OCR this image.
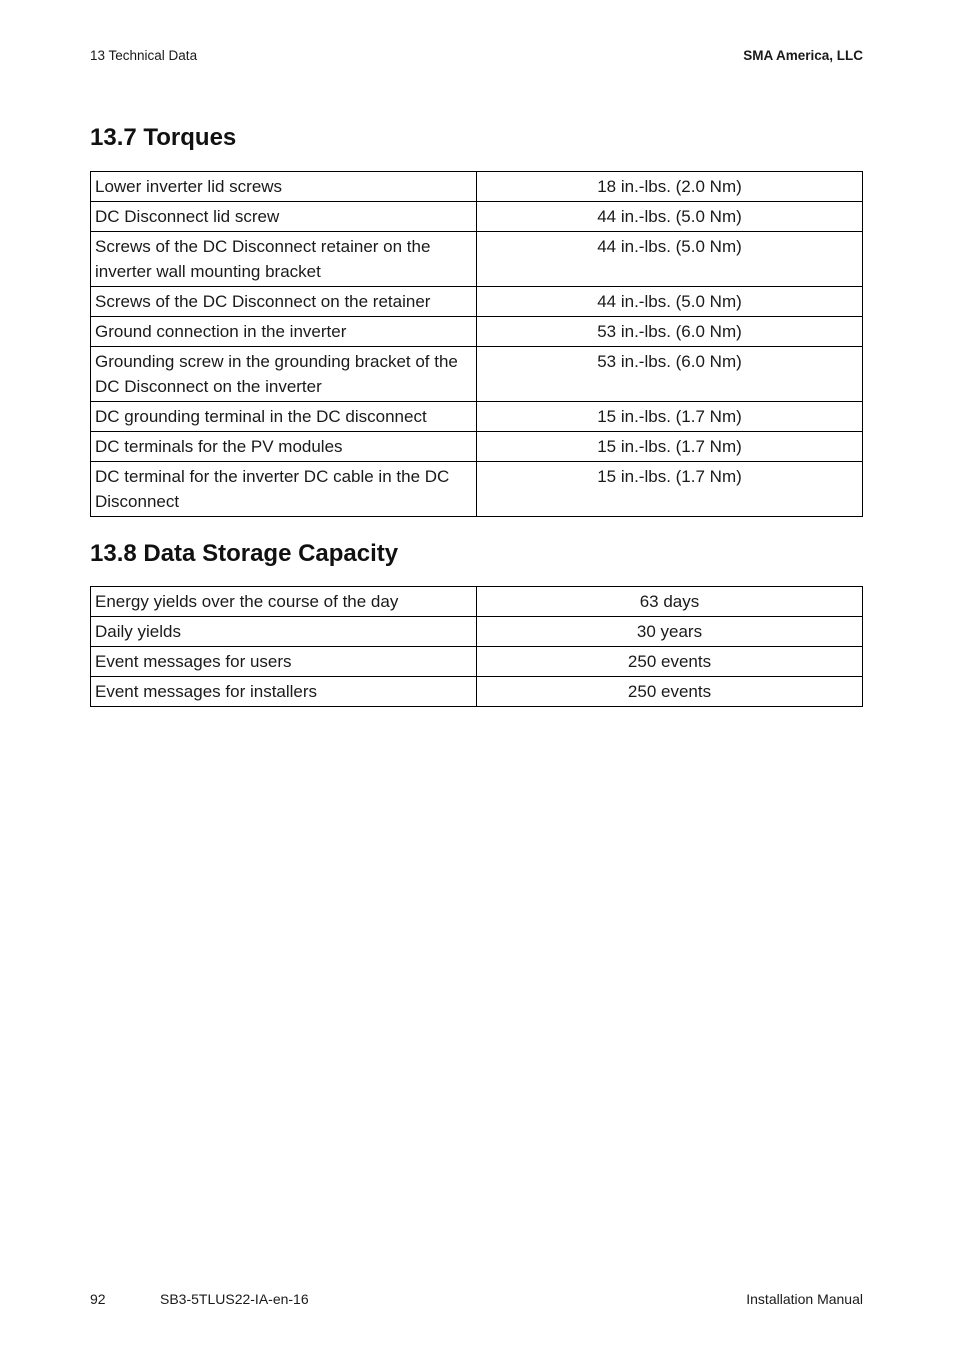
13 Technical Data	SMA America, LLC
13.7 Torques
Lower inverter lid screws	18 in.-lbs. (2.0 Nm)
DC Disconnect lid screw	44 in.-lbs. (5.0 Nm)
Screws of the DC Disconnect retainer on the inverter wall mounting bracket	44 in.-lbs. (5.0 Nm)
Screws of the DC Disconnect on the retainer	44 in.-lbs. (5.0 Nm)
Ground connection in the inverter	53 in.-lbs. (6.0 Nm)
Grounding screw in the grounding bracket of the DC Disconnect on the inverter	53 in.-lbs. (6.0 Nm)
DC grounding terminal in the DC disconnect	15 in.-lbs. (1.7 Nm)
DC terminals for the PV modules	15 in.-lbs. (1.7 Nm)
DC terminal for the inverter DC cable in the DC Disconnect	15 in.-lbs. (1.7 Nm)
13.8 Data Storage Capacity
Energy yields over the course of the day	63 days
Daily yields	30 years
Event messages for users	250 events
Event messages for installers	250 events
92	SB3-5TLUS22-IA-en-16	Installation Manual
